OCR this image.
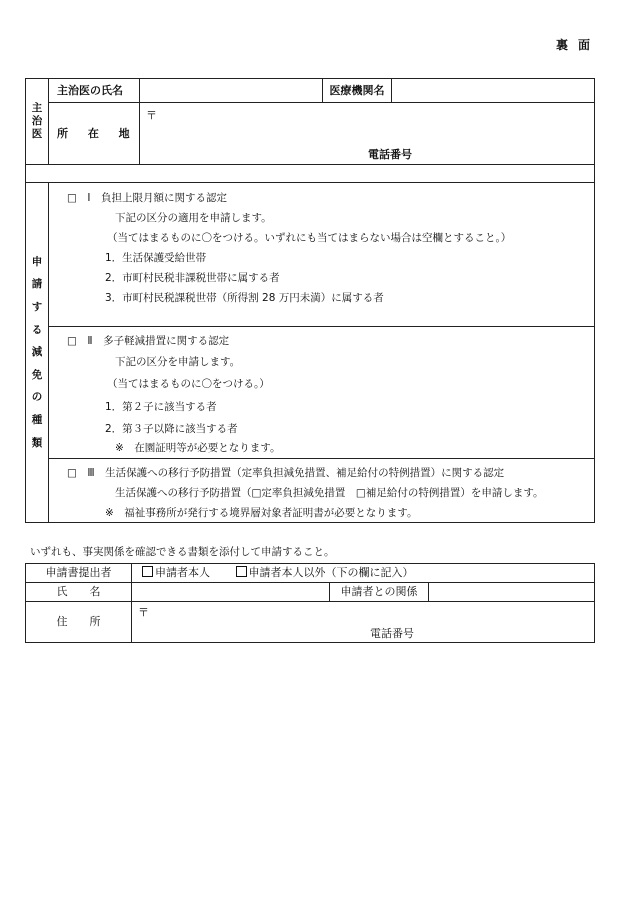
裏面
主
治
医	主治医の氏名		医療機関名	
	所 在 地	〒
電話番号		

申
請
す
る
減
免
の
種
類

□　Ⅰ　負担上限月額に関する認定
下記の区分の適用を申請します。
（当てはまるものに〇をつける。いずれにも当てはまらない場合は空欄とすること。）
1．生活保護受給世帯
2．市町村民税非課税世帯に属する者
3．市町村民税課税世帯（所得割 28 万円未満）に属する者

□　Ⅱ　多子軽減措置に関する認定
下記の区分を申請します。
（当てはまるものに〇をつける。）
1．第２子に該当する者
2．第３子以降に該当する者
※　在園証明等が必要となります。

□　Ⅲ　生活保護への移行予防措置（定率負担減免措置、補足給付の特例措置）に関する認定
生活保護への移行予防措置（□定率負担減免措置　□補足給付の特例措置）を申請します。
※　福祉事務所が発行する境界層対象者証明書が必要となります。
いずれも、事実関係を確認できる書類を添付して申請すること。
申請書提出者	申請者本人 申請者本人以外（下の欄に記入）		
氏　　名		申請者との関係	
住　　所	〒
電話番号		
